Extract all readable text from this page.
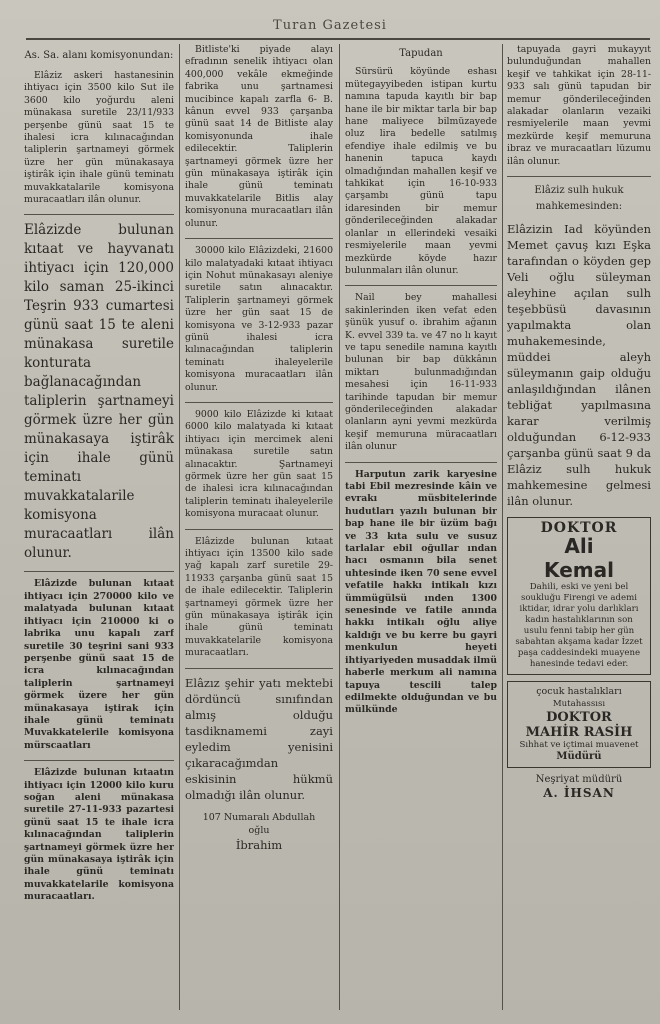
Turan Gazetesi

As. Sa. alanı komisyonundan:

Elâziz askeri hastanesinin ihtiyacı için 3500 kilo Sut ile 3600 kilo yoğurdu aleni münakasa suretile 23/11/933 perşenbe günü saat 15 te ihalesi icra kılınacağından taliplerin şartnameyi görmek üzre her gün münakasaya iştirâk için ihale günü teminatı muvakkatalarile komisyona muracaatları ilân olunur.

Elâzizde bulunan kıtaat ve hayvanatı ihtiyacı için 120,000 kilo saman 25-ikinci Teşrin 933 cumartesi günü saat 15 te aleni münakasa suretile konturata bağlanacağından taliplerin şartnameyi görmek üzre her gün münakasaya iştirâk için ihale günü teminatı muvakkatalarile komisyona muracaatları ilân olunur.

Elâzizde bulunan kıtaat ihtiyacı için 270000 kilo ve malatyada bulunan kıtaat ihtiyacı için 210000 ki o labrika unu kapalı zarf suretile 30 teşrini sani 933 perşenbe günü saat 15 de icra kılınacağından taliplerin şartnameyi görmek üzere her gün münakasaya iştirak için ihale günü teminatı Muvakkatelerile komisyona mürscaatları

Elâzizde bulunan kıtaatın ihtiyacı için 12000 kilo kuru soğan aleni münakasa suretile 27-11-933 pazartesi günü saat 15 te ihale icra kılınacağından taliplerin şartnameyi görmek üzre her gün münakasaya iştirâk için ihale günü teminatı muvakkatelarile komisyona muracaatları.

Bitliste'ki piyade alayı efradının senelik ihtiyacı olan 400,000 vekâle ekmeğinde fabrika unu şartnamesi mucibince kapalı zarfla 6- B. kânun evvel 933 çarşanba günü saat 14 de Bitliste alay komisyonunda ihale edilecektir. Taliplerin şartnameyi görmek üzre her gün münakasaya iştirâk için ihale günü teminatı muvakkatelarile Bitlis alay komisyonuna muracaatları ilân olunur.

30000 kilo Elâzizdeki, 21600 kilo malatyadaki kıtaat ihtiyacı için Nohut münakasayı aleniye suretile satın alınacaktır. Taliplerin şartnameyi görmek üzre her gün saat 15 de komisyona ve 3-12-933 pazar günü ihalesi icra kılınacağından taliplerin teminatı ihaleyelerile komisyona muracaatları ilân olunur.

9000 kilo Elâzizde ki kıtaat 6000 kilo malatyada ki kıtaat ihtiyacı için mercimek aleni münakasa suretile satın alınacaktır. Şartnameyi görmek üzre her gün saat 15 de ihalesi icra kılınacağından taliplerin teminatı ihaleyelerile komisyona muracaat olunur.

Elâzizde bulunan kıtaat ihtiyacı için 13500 kilo sade yağ kapalı zarf suretile 29-11933 çarşanba günü saat 15 de ihale edilecektir. Taliplerin şartnameyi görmek üzre her gün münakasaya iştirâk için ihale günü teminatı muvakkatelarile komisyona muracaatları.

Elâzız şehir yatı mektebi dördüncü sınıfından almış olduğu tasdiknamemi zayi eyledim yenisini çıkaracağımdan eskisinin hükmü olmadığı ilân olunur.

107 Numaralı Abdullah
oğlu
İbrahim

Tapudan

Sürsürü köyünde eshası mütegayyibeden istipan kurtu namına tapuda kayıtlı bir bap hane ile bir miktar tarla bir bap hane maliyece bilmüzayede oluz lira bedelle satılmış efendiye ihale edilmiş ve bu hanenin tapuca kaydı olmadığından mahallen keşif ve tahkikat için 16-10-933 çarşambı günü tapu idaresinden bir memur gönderileceğinden alakadar olanlar ın ellerindeki vesaiki resmiyelerile maan yevmi mezkürde köyde hazır bulunmaları ilân olunur.

Nail bey mahallesi sakinlerinden iken vefat eden şünük yusuf o. ibrahim ağanın K. evvel 339 ta. ve 47 no lı kayıt ve tapu senedile namına kayıtlı bulunan bir bap dükkânın miktarı bulunmadığından mesahesi için 16-11-933 tarihinde tapudan bir memur gönderileceğinden alakadar olanların ayni yevmi mezkürda keşif memuruna müracaatları ilân olunur

Harputun zarik karyesine tabi Ebil mezresinde kâin ve evrakı müsbitelerinde hudutları yazılı bulunan bir bap hane ile bir üzüm bağı ve 33 kıta sulu ve susuz tarlalar ebil oğullar ından hacı osmanın bila senet uhtesinde iken 70 sene evvel vefatile hakkı intikalı kızı ümmügülsü ınden 1300 senesinde ve fatile anında hakkı intikalı oğlu aliye kaldığı ve bu kerre bu gayri menkulun heyeti ihtiyariyeden musaddak ilmü haberle merkum ali namına tapuya tescili talep edilmekte olduğundan ve bu mülkünde

tapuyada gayri mukayyıt bulunduğundan mahallen keşif ve tahkikat için 28-11-933 salı günü tapudan bir memur gönderileceğinden alakadar olanların vezaiki resmiyelerile maan yevmi mezkürde keşif memuruna ibraz ve muracaatları lüzumu ilân olunur.

Elâziz sulh hukuk mahkemesinden:

Elâzizin Iad köyünden Memet çavuş kızı Eşka tarafından o köyden gep Veli oğlu süleyman aleyhine açılan sulh teşebbüsü davasının yapılmakta olan muhakemesinde, müddei aleyh süleymanın gaip olduğu anlaşıldığından ilânen tebliğat yapılmasına karar verilmiş olduğundan 6-12-933 çarşanba günü saat 9 da Elâziz sulh hukuk mahkemesine gelmesi ilân olunur.

DOKTOR
Ali
Kemal
Dahili, eski ve yeni bel soukluğu Firengi ve ademi iktidar, idrar yolu darlıkları kadın hastalıklarının son usulu fenni tabip her gün sabahtan akşama kadar İzzet paşa caddesindeki muayene hanesinde tedavi eder.
çocuk hastalıkları
Mutahassısı
DOKTOR
MAHİR RASİH
Sıhhat ve içtimai muavenet
Müdürü
Neşriyat müdürü
A. İHSAN
